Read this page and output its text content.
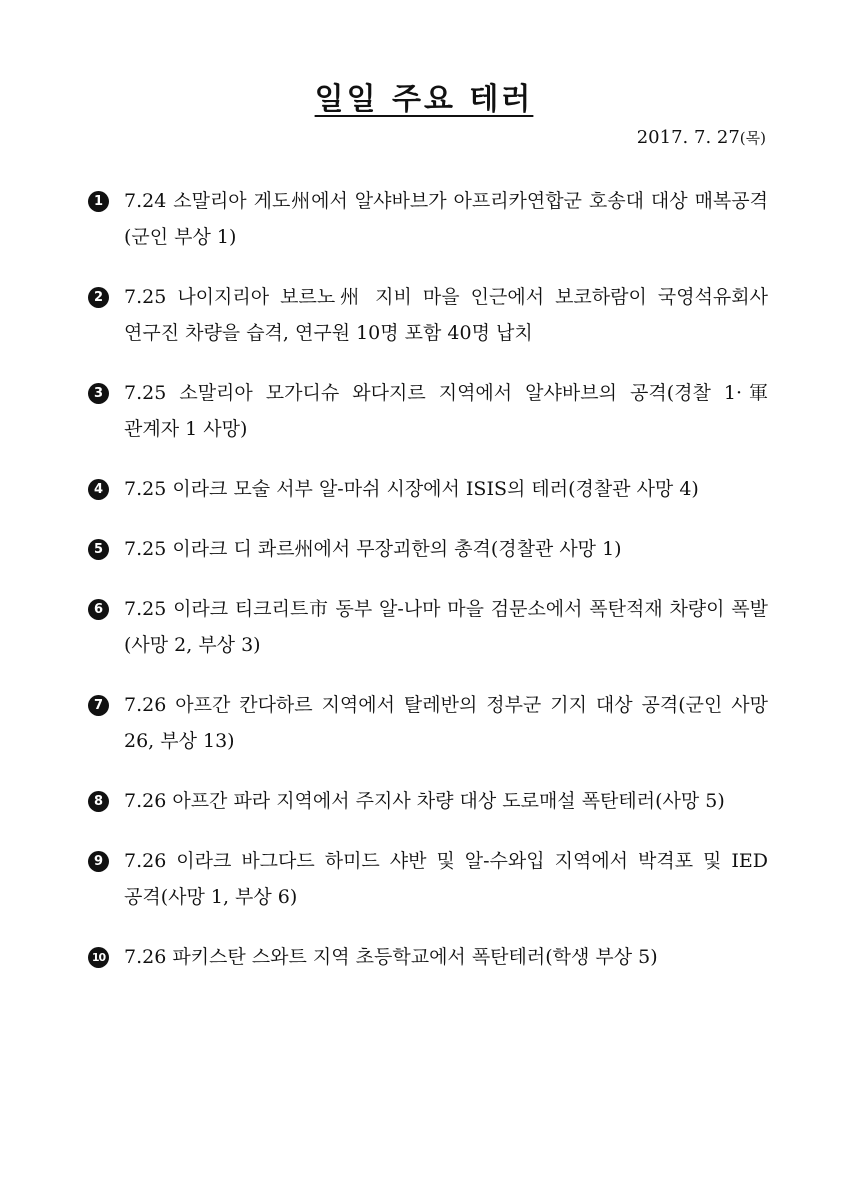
일일 주요 테러
2017. 7. 27(목)
1	7.24 소말리아 게도州에서 알샤바브가 아프리카연합군 호송대 대상 매복공격(군인 부상 1)
2	7.25 나이지리아 보르노州 지비 마을 인근에서 보코하람이 국영석유회사 연구진 차량을 습격, 연구원 10명 포함 40명 납치
3	7.25 소말리아 모가디슈 와다지르 지역에서 알샤바브의 공격(경찰 1·軍 관계자 1 사망)
4	7.25 이라크 모술 서부 알-마쉬 시장에서 ISIS의 테러(경찰관 사망 4)
5	7.25 이라크 디 콰르州에서 무장괴한의 총격(경찰관 사망 1)
6	7.25 이라크 티크리트市 동부 알-나마 마을 검문소에서 폭탄적재 차량이 폭발(사망 2, 부상 3)
7	7.26 아프간 칸다하르 지역에서 탈레반의 정부군 기지 대상 공격(군인 사망 26, 부상 13)
8	7.26 아프간 파라 지역에서 주지사 차량 대상 도로매설 폭탄테러(사망 5)
9	7.26 이라크 바그다드 하미드 샤반 및 알-수와입 지역에서 박격포 및 IED 공격(사망 1, 부상 6)
10 7.26 파키스탄 스와트 지역 초등학교에서 폭탄테러(학생 부상 5)
